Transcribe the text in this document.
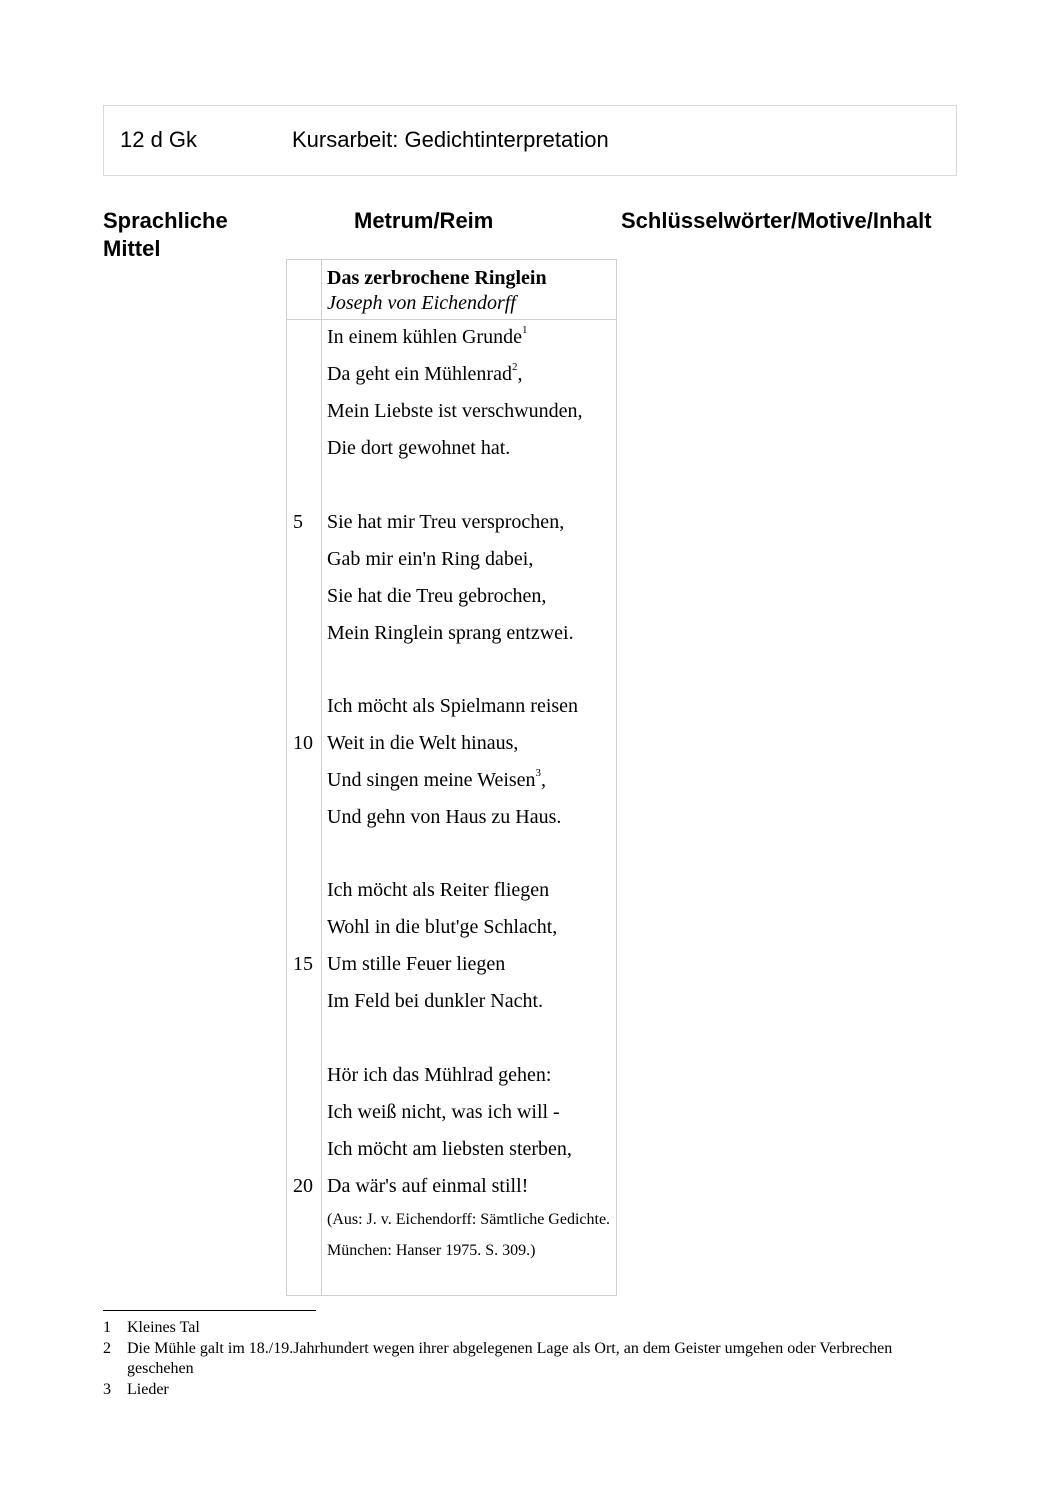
12 d Gk	Kursarbeit: Gedichtinterpretation
Sprachliche Mittel
Metrum/Reim	Schlüsselwörter/Motive/Inhalt
Das zerbrochene Ringlein
Joseph von Eichendorff
In einem kühlen Grunde$^1$
Da geht ein Mühlenrad$^2$,
Mein Liebste ist verschwunden,
Die dort gewohnet hat.
5	Sie hat mir Treu versprochen,
Gab mir ein'n Ring dabei,
Sie hat die Treu gebrochen,
Mein Ringlein sprang entzwei.
Ich möcht als Spielmann reisen
10 Weit in die Welt hinaus,
Und singen meine Weisen$^3$,
Und gehn von Haus zu Haus.
Ich möcht als Reiter fliegen
Wohl in die blut'ge Schlacht,
15 Um stille Feuer liegen
Im Feld bei dunkler Nacht.
Hör ich das Mühlrad gehen:
Ich weiß nicht, was ich will -
Ich möcht am liebsten sterben,
20 Da wär's auf einmal still!
(Aus: J. v. Eichendorff: Sämtliche Gedichte. München: Hanser 1975. S. 309.)
1	Kleines Tal
2	Die Mühle galt im 18./19.Jahrhundert wegen ihrer abgelegenen Lage als Ort, an dem Geister umgehen oder Verbrechen geschehen
3	Lieder
